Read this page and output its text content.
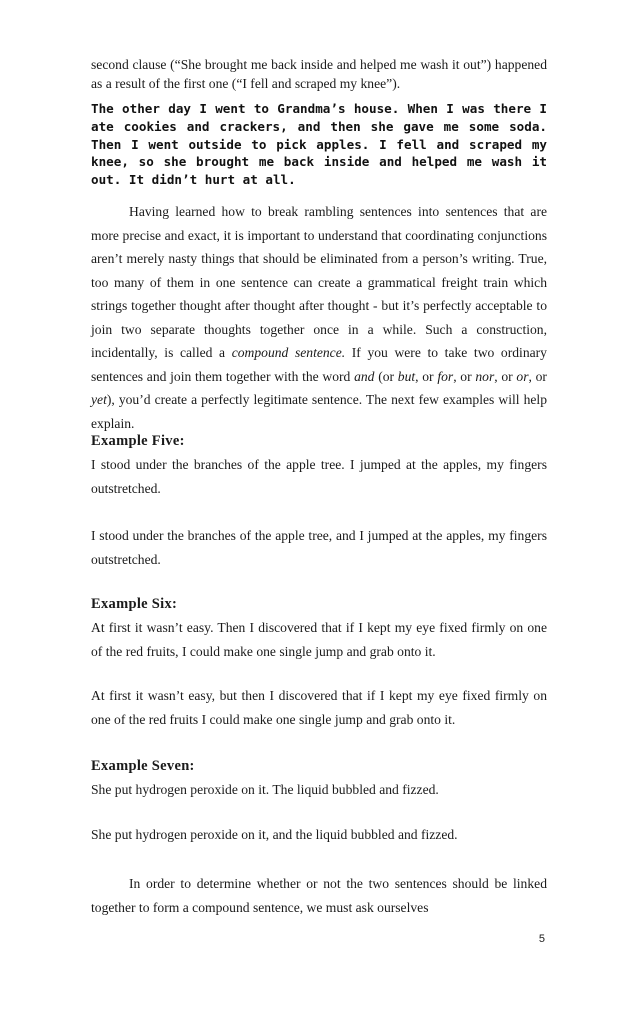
second clause (“She brought me back inside and helped me wash it out”) happened as a result of the first one (“I fell and scraped my knee”).

The other day I went to Grandma’s house. When I was there I ate cookies and crackers, and then she gave me some soda. Then I went outside to pick apples. I fell and scraped my knee, so she brought me back inside and helped me wash it out. It didn’t hurt at all.

Having learned how to break rambling sentences into sentences that are more precise and exact, it is important to understand that coordinating conjunctions aren’t merely nasty things that should be eliminated from a person’s writing. True, too many of them in one sentence can create a grammatical freight train which strings together thought after thought after thought - but it’s perfectly acceptable to join two separate thoughts together once in a while. Such a construction, incidentally, is called a compound sentence. If you were to take two ordinary sentences and join them together with the word and (or but, or for, or nor, or or, or yet), you’d create a perfectly legitimate sentence. The next few examples will help explain.

Example Five:

I stood under the branches of the apple tree. I jumped at the apples, my fingers outstretched.

I stood under the branches of the apple tree, and I jumped at the apples, my fingers outstretched.

Example Six:

At first it wasn’t easy. Then I discovered that if I kept my eye fixed firmly on one of the red fruits, I could make one single jump and grab onto it.

At first it wasn’t easy, but then I discovered that if I kept my eye fixed firmly on one of the red fruits I could make one single jump and grab onto it.

Example Seven:

She put hydrogen peroxide on it. The liquid bubbled and fizzed.

She put hydrogen peroxide on it, and the liquid bubbled and fizzed.

In order to determine whether or not the two sentences should be linked together to form a compound sentence, we must ask ourselves

5
